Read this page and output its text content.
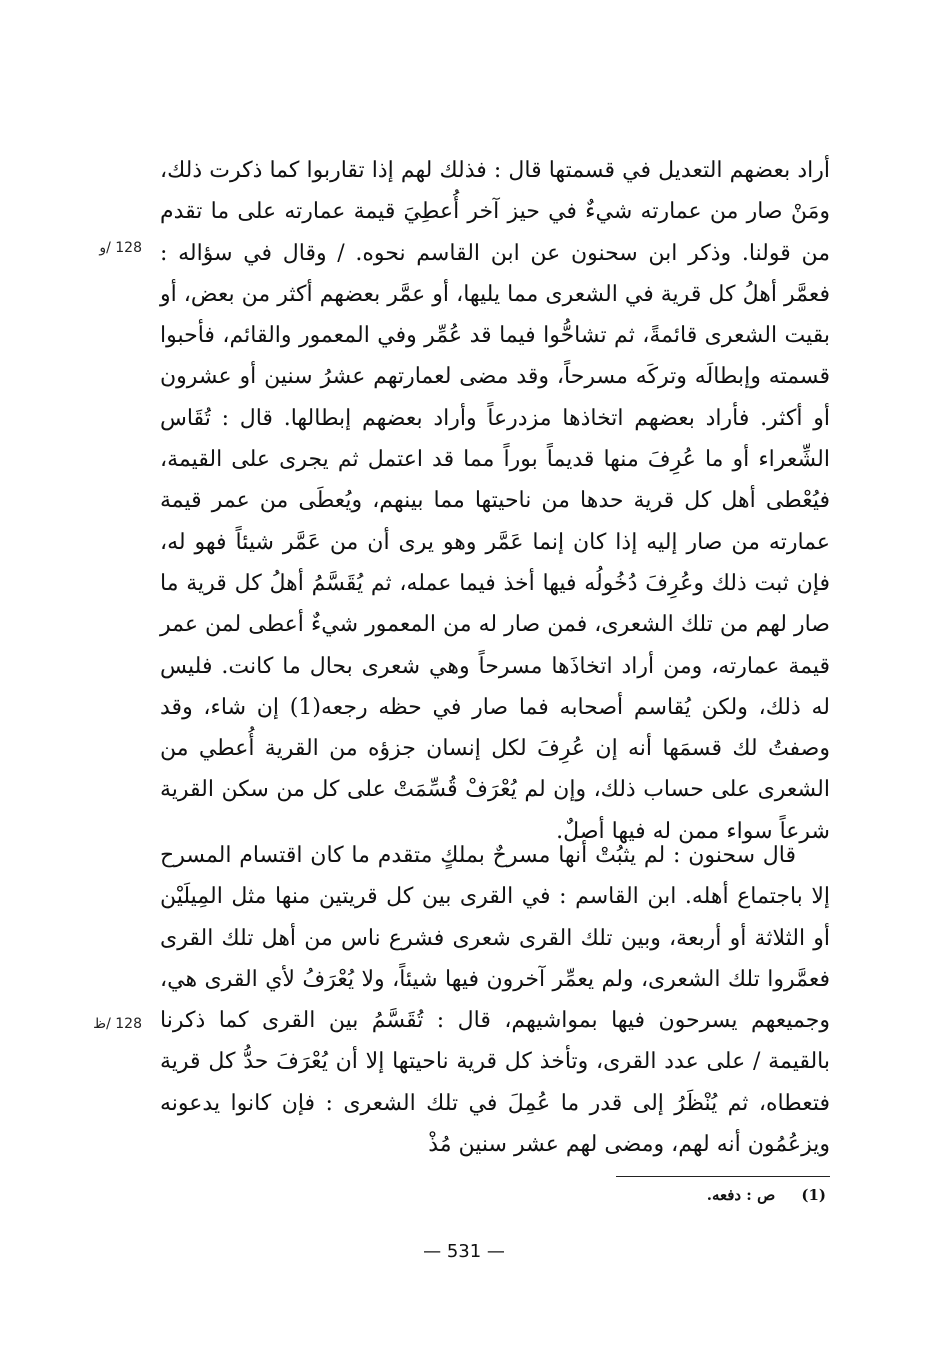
128 /و
128 /ظ

أراد بعضهم التعديل في قسمتها قال : فذلك لهم إذا تقاربوا كما ذكرت ذلك، ومَنْ صار من عمارته شيءٌ في حيز آخر أُعطِيَ قيمة عمارته على ما تقدم من قولنا. وذكر ابن سحنون عن ابن القاسم نحوه. / وقال في سؤاله : فعمَّر أهلُ كل قرية في الشعرى مما يليها، أو عمَّر بعضهم أكثر من بعض، أو بقيت الشعرى قائمةً، ثم تشاحُّوا فيما قد عُمِّر وفي المعمور والقائم، فأحبوا قسمته وإبطالَه وتركَه مسرحاً، وقد مضى لعمارتهم عشرُ سنين أو عشرون أو أكثر. فأراد بعضهم اتخاذها مزدرعاً وأراد بعضهم إبطالها. قال : تُقَاس الشِّعراء أو ما عُرِفَ منها قديماً بوراً مما قد اعتمل ثم يجرى على القيمة، فيُعْطى أهل كل قرية حدها من ناحيتها مما بينهم، ويُعطَى من عمر قيمة عمارته من صار إليه إذا كان إنما عَمَّر وهو يرى أن من عَمَّر شيئاً فهو له، فإن ثبت ذلك وعُرِفَ دُخُولُه فيها أخذ فيما عمله، ثم يُقَسَّمُ أهلُ كل قرية ما صار لهم من تلك الشعرى، فمن صار له من المعمور شيءٌ أعطى لمن عمر قيمة عمارته، ومن أراد اتخاذَها مسرحاً وهي شعرى بحال ما كانت. فليس له ذلك، ولكن يُقاسم أصحابه فما صار في حظه رجعه(1) إن شاء، وقد وصفتُ لك قسمَها أنه إن عُرِفَ لكل إنسان جزؤه من القرية أُعطي من الشعرى على حساب ذلك، وإن لم يُعْرَفْ قُسِّمَتْ على كل من سكن القرية شرعاً سواء ممن له فيها أصلٌ.

قال سحنون : لم يثبُتْ أنها مسرحٌ بملكٍ متقدم ما كان اقتسام المسرح إلا باجتماع أهله. ابن القاسم : في القرى بين كل قريتين منها مثل المِيلَيْن أو الثلاثة أو أربعة، وبين تلك القرى شعرى فشرع ناس من أهل تلك القرى فعمَّروا تلك الشعرى، ولم يعمِّر آخرون فيها شيئاً، ولا يُعْرَفُ لأي القرى هي، وجميعهم يسرحون فيها بمواشيهم، قال : تُقَسَّمُ بين القرى كما ذكرنا بالقيمة / على عدد القرى، وتأخذ كل قرية ناحيتها إلا أن يُعْرَفَ حدُّ كل قرية فتعطاه، ثم يُنْظَرُ إلى قدر ما عُمِلَ في تلك الشعرى : فإن كانوا يدعونه ويزعُمُون أنه لهم، ومضى لهم عشر سنين مُذْ

(1)     ص : دفعه.
— 531 —
